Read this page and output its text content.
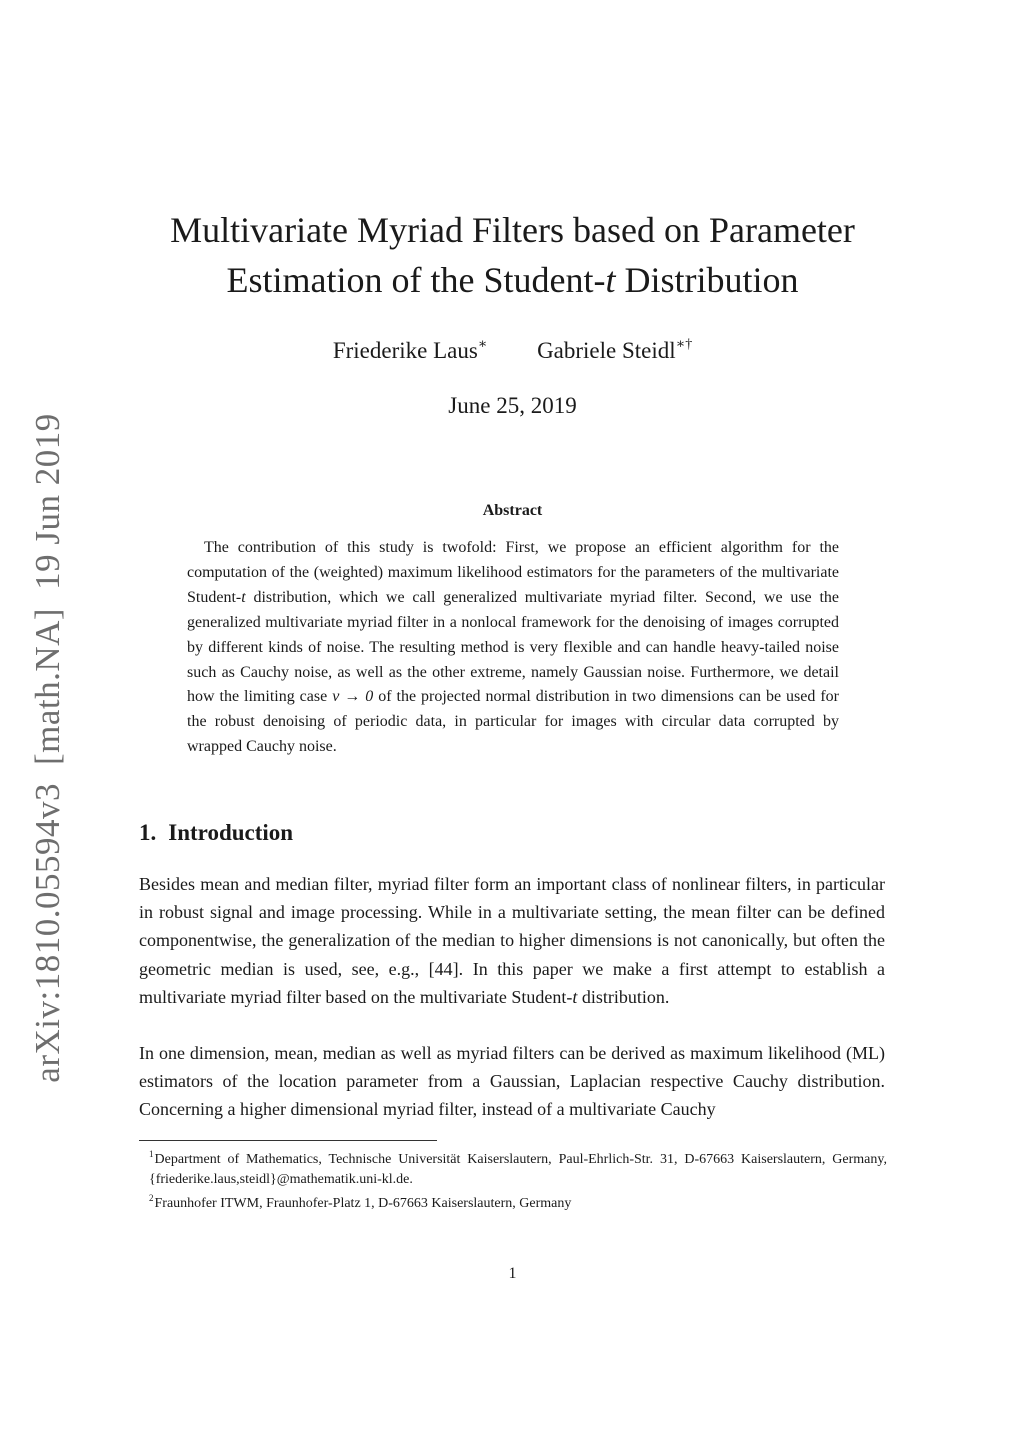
arXiv:1810.05594v3[math.NA]19 Jun 2019
Multivariate Myriad Filters based on Parameter
Estimation of the Student-t Distribution
Friederike Laus∗ Gabriele Steidl∗†
June 25, 2019
Abstract

The contribution of this study is twofold: First, we propose an efficient algorithm for the computation of the (weighted) maximum likelihood estimators for the parameters of the multivariate Student-t distribution, which we call generalized multivariate myriad filter. Second, we use the generalized multivariate myriad filter in a nonlocal framework for the denoising of images corrupted by different kinds of noise. The resulting method is very flexible and can handle heavy-tailed noise such as Cauchy noise, as well as the other extreme, namely Gaussian noise. Furthermore, we detail how the limiting case ν → 0 of the projected normal distribution in two dimensions can be used for the robust denoising of periodic data, in particular for images with circular data corrupted by wrapped Cauchy noise.

1. Introduction

Besides mean and median filter, myriad filter form an important class of nonlinear filters, in particular in robust signal and image processing. While in a multivariate setting, the mean filter can be defined componentwise, the generalization of the median to higher dimensions is not canonically, but often the geometric median is used, see, e.g., [44]. In this paper we make a first attempt to establish a multivariate myriad filter based on the multivariate Student-t distribution.

In one dimension, mean, median as well as myriad filters can be derived as maximum likelihood (ML) estimators of the location parameter from a Gaussian, Laplacian respective Cauchy distribution. Concerning a higher dimensional myriad filter, instead of a multivariate Cauchy

$^1$Department of Mathematics, Technische Universität Kaiserslautern, Paul-Ehrlich-Str. 31, D-67663 Kaiserslautern, Germany, {friederike.laus,steidl}@mathematik.uni-kl.de.
$^2$Fraunhofer ITWM, Fraunhofer-Platz 1, D-67663 Kaiserslautern, Germany
1
